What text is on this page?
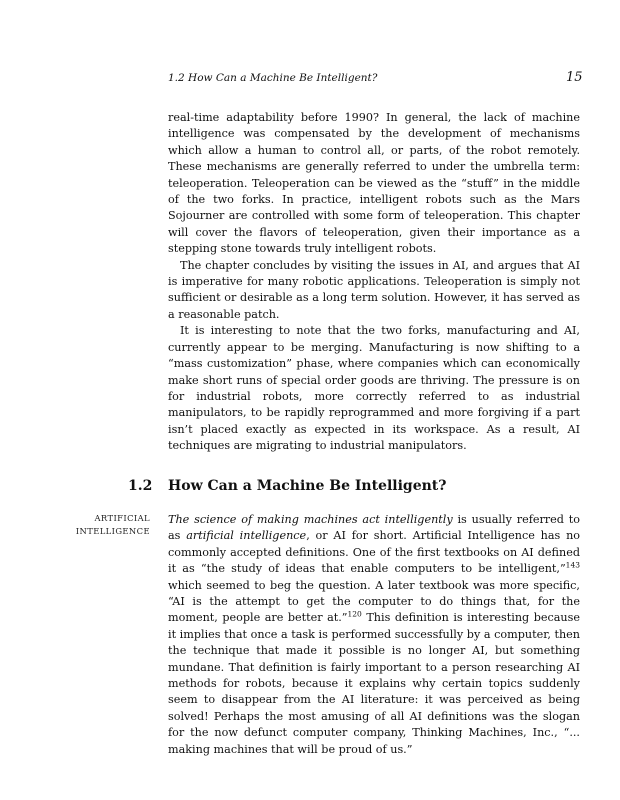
1.2 How Can a Machine Be Intelligent?	15

real-time adaptability before 1990? In general, the lack of machine intelligence was compensated by the development of mechanisms which allow a human to control all, or parts, of the robot remotely. These mechanisms are generally referred to under the umbrella term: teleoperation. Teleoperation can be viewed as the “stuff” in the middle of the two forks. In practice, intelligent robots such as the Mars Sojourner are controlled with some form of teleoperation. This chapter will cover the flavors of teleoperation, given their importance as a stepping stone towards truly intelligent robots.

The chapter concludes by visiting the issues in AI, and argues that AI is imperative for many robotic applications. Teleoperation is simply not sufficient or desirable as a long term solution. However, it has served as a reasonable patch.

It is interesting to note that the two forks, manufacturing and AI, currently appear to be merging. Manufacturing is now shifting to a “mass customization” phase, where companies which can economically make short runs of special order goods are thriving. The pressure is on for industrial robots, more correctly referred to as industrial manipulators, to be rapidly reprogrammed and more forgiving if a part isn’t placed exactly as expected in its workspace. As a result, AI techniques are migrating to industrial manipulators.

1.2 How Can a Machine Be Intelligent?
ARTIFICIAL
INTELLIGENCE

The science of making machines act intelligently is usually referred to as artificial intelligence, or AI for short. Artificial Intelligence has no commonly accepted definitions. One of the first textbooks on AI defined it as “the study of ideas that enable computers to be intelligent,”$^{143}$ which seemed to beg the question. A later textbook was more specific, “AI is the attempt to get the computer to do things that, for the moment, people are better at.”$^{120}$ This definition is interesting because it implies that once a task is performed successfully by a computer, then the technique that made it possible is no longer AI, but something mundane. That definition is fairly important to a person researching AI methods for robots, because it explains why certain topics suddenly seem to disappear from the AI literature: it was perceived as being solved! Perhaps the most amusing of all AI definitions was the slogan for the now defunct computer company, Thinking Machines, Inc., “... making machines that will be proud of us.”
